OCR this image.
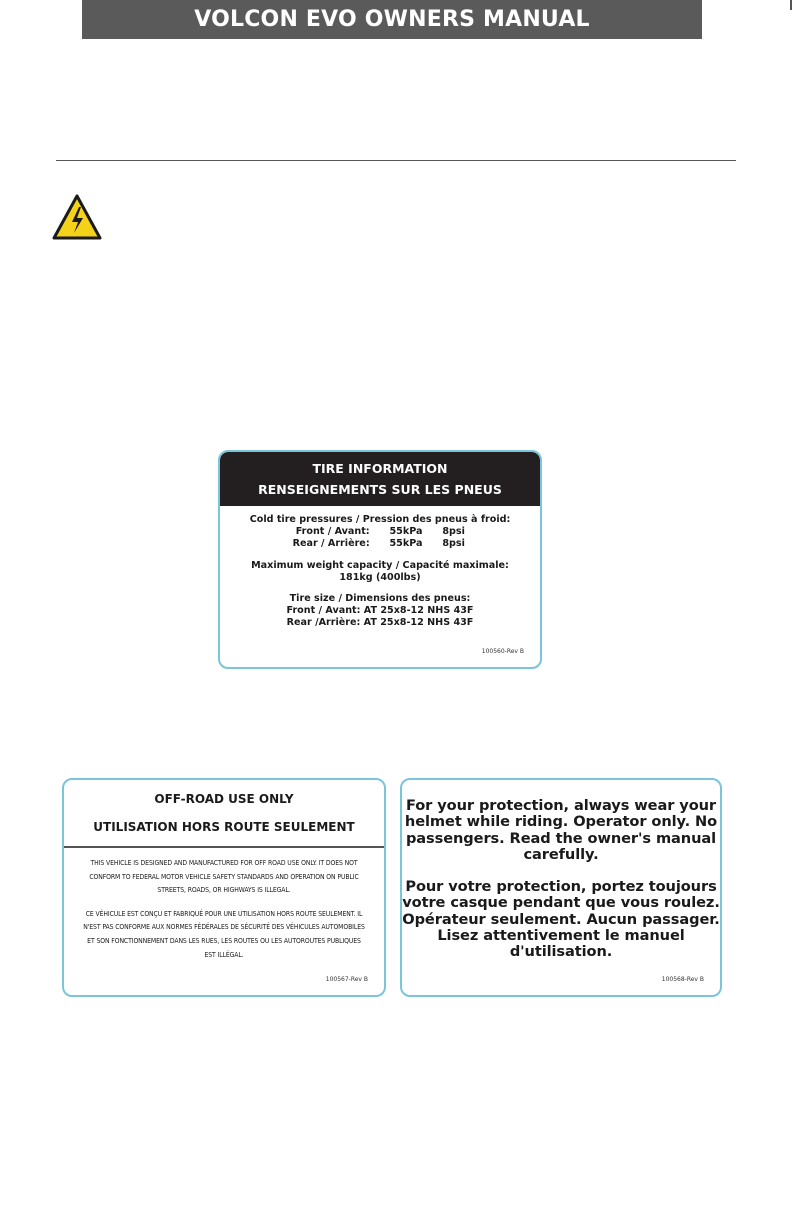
VOLCON EVO OWNERS MANUAL
TIRE INFORMATION
RENSEIGNEMENTS SUR LES PNEUS
Cold tire pressures / Pression des pneus à froid:
Front / Avant: 55kPa 8psi
Rear / Arrière: 55kPa 8psi
Maximum weight capacity / Capacité maximale:
181kg (400lbs)
Tire size / Dimensions des pneus:
Front / Avant: AT 25x8-12 NHS 43F
Rear /Arrière: AT 25x8-12 NHS 43F
100560-Rev B
OFF-ROAD USE ONLY
UTILISATION HORS ROUTE SEULEMENT

THIS VEHICLE IS DESIGNED AND MANUFACTURED FOR OFF ROAD USE ONLY. IT DOES NOT CONFORM TO FEDERAL MOTOR VEHICLE SAFETY STANDARDS AND OPERATION ON PUBLIC STREETS, ROADS, OR HIGHWAYS IS ILLEGAL.

CE VÉHICULE EST CONÇU ET FABRIQUÉ POUR UNE UTILISATION HORS ROUTE SEULEMENT. IL N'EST PAS CONFORME AUX NORMES FÉDÉRALES DE SÉCURITÉ DES VÉHICULES AUTOMOBILES ET SON FONCTIONNEMENT DANS LES RUES, LES ROUTES OU LES AUTOROUTES PUBLIQUES EST ILLÉGAL.

100567-Rev B

For your protection, always wear your helmet while riding. Operator only. No passengers. Read the owner's manual carefully.

Pour votre protection, portez toujours votre casque pendant que vous roulez. Opérateur seulement. Aucun passager. Lisez attentivement le manuel d'utilisation.

100568-Rev B
